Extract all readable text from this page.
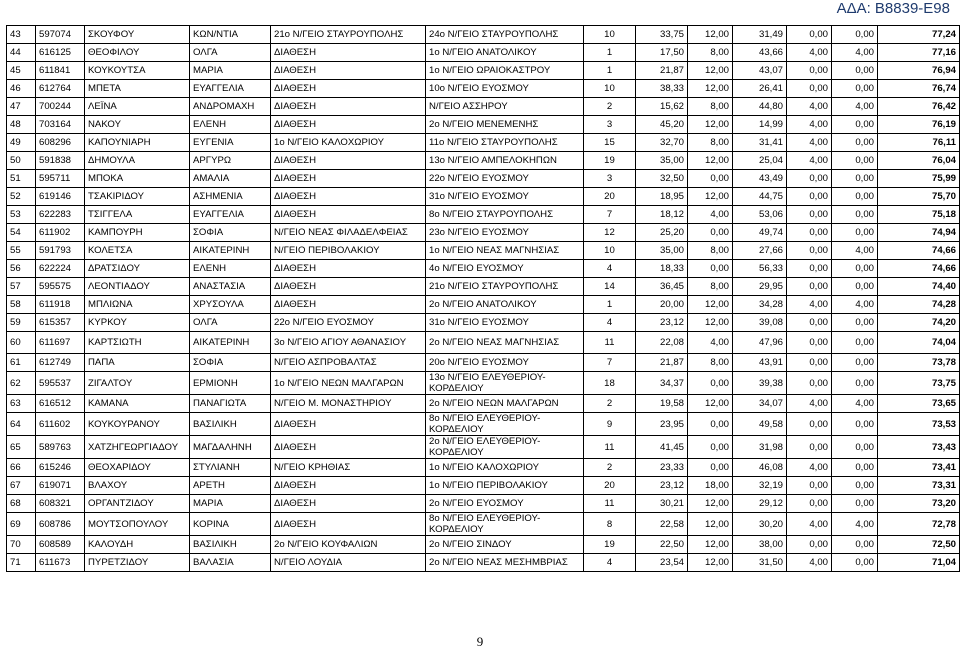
ΑΔΑ: Β8839-Ε98
43	597074	ΣΚΟΥΦΟΥ	ΚΩΝ/ΝΤΙΑ	21ο Ν/ΓΕΙΟ ΣΤΑΥΡΟΥΠΟΛΗΣ	24ο Ν/ΓΕΙΟ ΣΤΑΥΡΟΥΠΟΛΗΣ	10	33,75	12,00	31,49	0,00	0,00	77,24
44	616125	ΘΕΟΦΙΛΟΥ	ΟΛΓΑ	ΔΙΑΘΕΣΗ	1ο Ν/ΓΕΙΟ ΑΝΑΤΟΛΙΚΟΥ	1	17,50	8,00	43,66	4,00	4,00	77,16
45	611841	ΚΟΥΚΟΥΤΣΑ	ΜΑΡΙΑ	ΔΙΑΘΕΣΗ	1ο Ν/ΓΕΙΟ ΩΡΑΙΟΚΑΣΤΡΟΥ	1	21,87	12,00	43,07	0,00	0,00	76,94
46	612764	ΜΠΕΤΑ	ΕΥΑΓΓΕΛΙΑ	ΔΙΑΘΕΣΗ	10ο Ν/ΓΕΙΟ ΕΥΟΣΜΟΥ	10	38,33	12,00	26,41	0,00	0,00	76,74
47	700244	ΛΕΪΝΑ	ΑΝΔΡΟΜΑΧΗ	ΔΙΑΘΕΣΗ	Ν/ΓΕΙΟ ΑΣΣΗΡΟΥ	2	15,62	8,00	44,80	4,00	4,00	76,42
48	703164	ΝΑΚΟΥ	ΕΛΕΝΗ	ΔΙΑΘΕΣΗ	2ο Ν/ΓΕΙΟ ΜΕΝΕΜΕΝΗΣ	3	45,20	12,00	14,99	4,00	0,00	76,19
49	608296	ΚΑΠΟΥΝΙΑΡΗ	ΕΥΓΕΝΙΑ	1ο Ν/ΓΕΙΟ ΚΑΛΟΧΩΡΙΟΥ	11ο Ν/ΓΕΙΟ ΣΤΑΥΡΟΥΠΟΛΗΣ	15	32,70	8,00	31,41	4,00	0,00	76,11
50	591838	ΔΗΜΟΥΛΑ	ΑΡΓΥΡΩ	ΔΙΑΘΕΣΗ	13ο Ν/ΓΕΙΟ ΑΜΠΕΛΟΚΗΠΩΝ	19	35,00	12,00	25,04	4,00	0,00	76,04
51	595711	ΜΠΟΚΑ	ΑΜΑΛΙΑ	ΔΙΑΘΕΣΗ	22ο Ν/ΓΕΙΟ ΕΥΟΣΜΟΥ	3	32,50	0,00	43,49	0,00	0,00	75,99
52	619146	ΤΣΑΚΙΡΙΔΟΥ	ΑΣΗΜΕΝΙΑ	ΔΙΑΘΕΣΗ	31ο Ν/ΓΕΙΟ ΕΥΟΣΜΟΥ	20	18,95	12,00	44,75	0,00	0,00	75,70
53	622283	ΤΣΙΓΓΕΛΑ	ΕΥΑΓΓΕΛΙΑ	ΔΙΑΘΕΣΗ	8ο Ν/ΓΕΙΟ ΣΤΑΥΡΟΥΠΟΛΗΣ	7	18,12	4,00	53,06	0,00	0,00	75,18
54	611902	ΚΑΜΠΟΥΡΗ	ΣΟΦΙΑ	Ν/ΓΕΙΟ ΝΕΑΣ ΦΙΛΑΔΕΛΦΕΙΑΣ	23ο Ν/ΓΕΙΟ ΕΥΟΣΜΟΥ	12	25,20	0,00	49,74	0,00	0,00	74,94
55	591793	ΚΟΛΕΤΣΑ	ΑΙΚΑΤΕΡΙΝΗ	Ν/ΓΕΙΟ ΠΕΡΙΒΟΛΑΚΙΟΥ	1ο Ν/ΓΕΙΟ ΝΕΑΣ ΜΑΓΝΗΣΙΑΣ	10	35,00	8,00	27,66	0,00	4,00	74,66
56	622224	ΔΡΑΤΣΙΔΟΥ	ΕΛΕΝΗ	ΔΙΑΘΕΣΗ	4ο Ν/ΓΕΙΟ ΕΥΟΣΜΟΥ	4	18,33	0,00	56,33	0,00	0,00	74,66
57	595575	ΛΕΟΝΤΙΑΔΟΥ	ΑΝΑΣΤΑΣΙΑ	ΔΙΑΘΕΣΗ	21ο Ν/ΓΕΙΟ ΣΤΑΥΡΟΥΠΟΛΗΣ	14	36,45	8,00	29,95	0,00	0,00	74,40
58	611918	ΜΠΛΙΩΝΑ	ΧΡΥΣΟΥΛΑ	ΔΙΑΘΕΣΗ	2ο Ν/ΓΕΙΟ ΑΝΑΤΟΛΙΚΟΥ	1	20,00	12,00	34,28	4,00	4,00	74,28
59	615357	ΚΥΡΚΟΥ	ΟΛΓΑ	22ο Ν/ΓΕΙΟ ΕΥΟΣΜΟΥ	31ο Ν/ΓΕΙΟ ΕΥΟΣΜΟΥ	4	23,12	12,00	39,08	0,00	0,00	74,20
60	611697	ΚΑΡΤΣΙΩΤΗ	ΑΙΚΑΤΕΡΙΝΗ	3ο Ν/ΓΕΙΟ ΑΓΙΟΥ ΑΘΑΝΑΣΙΟΥ	2ο Ν/ΓΕΙΟ ΝΕΑΣ ΜΑΓΝΗΣΙΑΣ	11	22,08	4,00	47,96	0,00	0,00	74,04
61	612749	ΠΑΠΑ	ΣΟΦΙΑ	Ν/ΓΕΙΟ ΑΣΠΡΟΒΑΛΤΑΣ	20ο Ν/ΓΕΙΟ ΕΥΟΣΜΟΥ	7	21,87	8,00	43,91	0,00	0,00	73,78
62	595537	ΖΙΓΑΛΤΟΥ	ΕΡΜΙΟΝΗ	1ο Ν/ΓΕΙΟ ΝΕΩΝ ΜΑΛΓΑΡΩΝ	13ο Ν/ΓΕΙΟ ΕΛΕΥΘΕΡΙΟΥ-ΚΟΡΔΕΛΙΟΥ	18	34,37	0,00	39,38	0,00	0,00	73,75
63	616512	ΚΑΜΑΝΑ	ΠΑΝΑΓΙΩΤΑ	Ν/ΓΕΙΟ Μ. ΜΟΝΑΣΤΗΡΙΟΥ	2ο Ν/ΓΕΙΟ ΝΕΩΝ ΜΑΛΓΑΡΩΝ	2	19,58	12,00	34,07	4,00	4,00	73,65
64	611602	ΚΟΥΚΟΥΡΑΝΟΥ	ΒΑΣΙΛΙΚΗ	ΔΙΑΘΕΣΗ	8ο Ν/ΓΕΙΟ ΕΛΕΥΘΕΡΙΟΥ-ΚΟΡΔΕΛΙΟΥ	9	23,95	0,00	49,58	0,00	0,00	73,53
65	589763	ΧΑΤΖΗΓΕΩΡΓΙΑΔΟΥ	ΜΑΓΔΑΛΗΝΗ	ΔΙΑΘΕΣΗ	2ο Ν/ΓΕΙΟ ΕΛΕΥΘΕΡΙΟΥ-ΚΟΡΔΕΛΙΟΥ	11	41,45	0,00	31,98	0,00	0,00	73,43
66	615246	ΘΕΟΧΑΡΙΔΟΥ	ΣΤΥΛΙΑΝΗ	Ν/ΓΕΙΟ ΚΡΗΘΙΑΣ	1ο Ν/ΓΕΙΟ ΚΑΛΟΧΩΡΙΟΥ	2	23,33	0,00	46,08	4,00	0,00	73,41
67	619071	ΒΛΑΧΟΥ	ΑΡΕΤΗ	ΔΙΑΘΕΣΗ	1ο Ν/ΓΕΙΟ ΠΕΡΙΒΟΛΑΚΙΟΥ	20	23,12	18,00	32,19	0,00	0,00	73,31
68	608321	ΟΡΓΑΝΤΖΙΔΟΥ	ΜΑΡΙΑ	ΔΙΑΘΕΣΗ	2ο Ν/ΓΕΙΟ ΕΥΟΣΜΟΥ	11	30,21	12,00	29,12	0,00	0,00	73,20
69	608786	ΜΟΥΤΣΟΠΟΥΛΟΥ	ΚΟΡΙΝΑ	ΔΙΑΘΕΣΗ	8ο Ν/ΓΕΙΟ ΕΛΕΥΘΕΡΙΟΥ-ΚΟΡΔΕΛΙΟΥ	8	22,58	12,00	30,20	4,00	4,00	72,78
70	608589	ΚΑΛΟΥΔΗ	ΒΑΣΙΛΙΚΗ	2ο Ν/ΓΕΙΟ ΚΟΥΦΑΛΙΩΝ	2ο Ν/ΓΕΙΟ ΣΙΝΔΟΥ	19	22,50	12,00	38,00	0,00	0,00	72,50
71	611673	ΠΥΡΕΤΖΙΔΟΥ	ΒΑΛΑΣΙΑ	Ν/ΓΕΙΟ ΛΟΥΔΙΑ	2ο Ν/ΓΕΙΟ ΝΕΑΣ ΜΕΣΗΜΒΡΙΑΣ	4	23,54	12,00	31,50	4,00	0,00	71,04
9
